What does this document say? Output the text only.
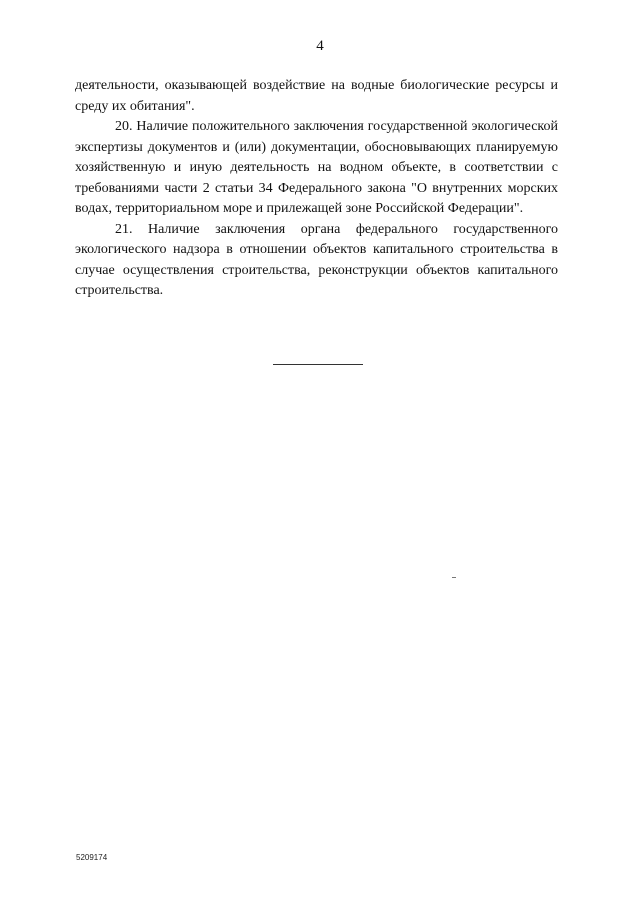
4

деятельности, оказывающей воздействие на водные биологические ресурсы и среду их обитания".

20. Наличие положительного заключения государственной экологической экспертизы документов и (или) документации, обосновывающих планируемую хозяйственную и иную деятельность на водном объекте, в соответствии с требованиями части 2 статьи 34 Федерального закона "О внутренних морских водах, территориальном море и прилежащей зоне Российской Федерации".

21. Наличие заключения органа федерального государственного экологического надзора в отношении объектов капитального строительства в случае осуществления строительства, реконструкции объектов капитального строительства.

5209174
